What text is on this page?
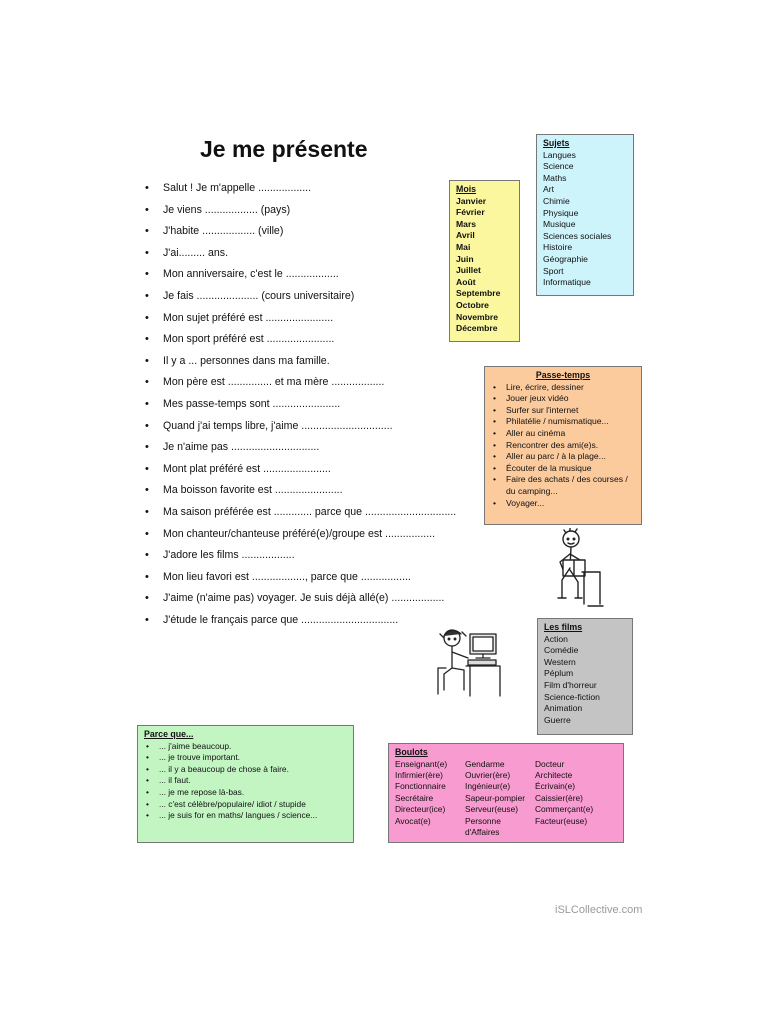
Je me présente
• Salut ! Je m'appelle ..................
• Je viens .................. (pays)
• J'habite .................. (ville)
• J'ai......... ans.
• Mon anniversaire, c'est le ..................
• Je fais ..................... (cours universitaire)
• Mon sujet préféré est .......................
• Mon sport préféré est .......................
• Il y a ... personnes dans ma famille.
• Mon père est ............... et ma mère ..................
• Mes passe-temps sont .......................
• Quand j'ai temps libre, j'aime ...............................
• Je n'aime pas ..............................
• Mont plat préféré est .......................
• Ma boisson favorite est .......................
• Ma saison préférée est ............. parce que ...............................
• Mon chanteur/chanteuse préféré(e)/groupe est .................
• J'adore les films ..................
• Mon lieu favori est .................., parce que .................
• J'aime (n'aime pas) voyager. Je suis déjà allé(e) ..................
• J'étude le français parce que .................................
Sujets
Langues
Science
Maths
Art
Chimie
Physique
Musique
Sciences sociales
Histoire
Géographie
Sport
Informatique
Mois
Janvier
Février
Mars
Avril
Mai
Juin
Juillet
Août
Septembre
Octobre
Novembre
Décembre
Passe-temps
• Lire, écrire, dessiner
• Jouer jeux vidéo
• Surfer sur l'internet
• Philatélie / numismatique...
• Aller au cinéma
• Rencontrer des ami(e)s.
• Aller au parc / à la plage...
• Écouter de la musique
• Faire des achats / des courses / du camping...
• Voyager...
Les films
Action
Comédie
Western
Péplum
Film d'horreur
Science-fiction
Animation
Guerre
Parce que...
• ... j'aime beaucoup.
• ... je trouve important.
• ... il y a beaucoup de chose à faire.
• ... il faut.
• ... je me repose là-bas.
• ... c'est célèbre/populaire/ idiot / stupide
• ... je suis for en maths/ langues / science...
Boulots
Enseignant(e)
Infirmier(ère)
Fonctionnaire
Secrétaire
Directeur(ice)
Avocat(e)
Gendarme
Ouvrier(ère)
Ingénieur(e)
Sapeur-pompier
Serveur(euse)
Personne
d'Affaires
Docteur
Architecte
Écrivain(e)
Caissier(ère)
Commerçant(e)
Facteur(euse)
iSLCollective.com
